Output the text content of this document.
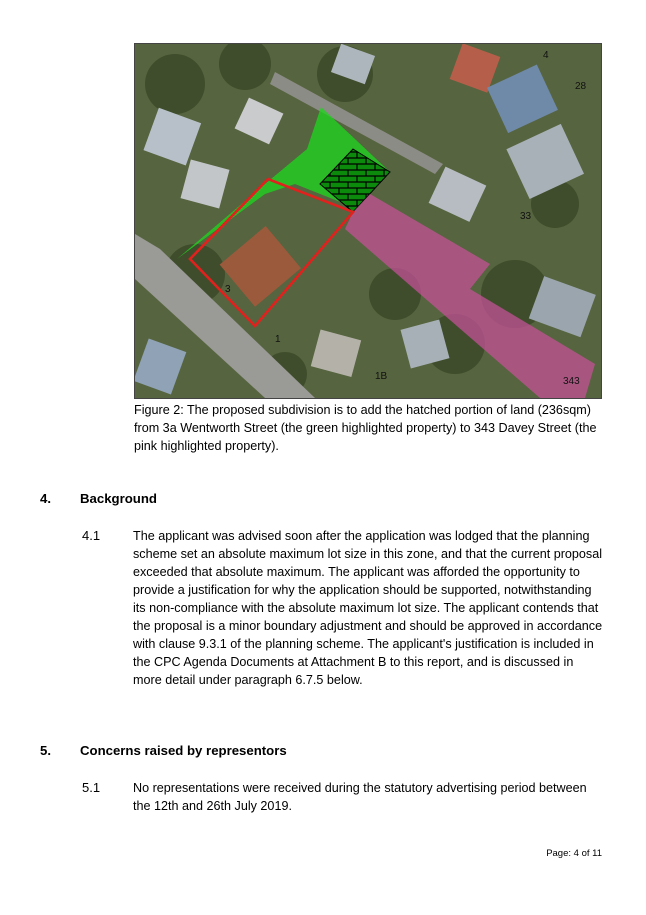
3
1
1B	343
33
4
28
Figure 2: The proposed subdivision is to add the hatched portion of land (236sqm) from 3a Wentworth Street (the green highlighted property) to 343 Davey Street (the pink highlighted property).
4. Background
4.1	The applicant was advised soon after the application was lodged that the planning scheme set an absolute maximum lot size in this zone, and that the current proposal exceeded that absolute maximum. The applicant was afforded the opportunity to provide a justification for why the application should be supported, notwithstanding its non-compliance with the absolute maximum lot size. The applicant contends that the proposal is a minor boundary adjustment and should be approved in accordance with clause 9.3.1 of the planning scheme. The applicant's justification is included in the CPC Agenda Documents at Attachment B to this report, and is discussed in more detail under paragraph 6.7.5 below.
5. Concerns raised by representors
5.1	No representations were received during the statutory advertising period between the 12th and 26th July 2019.
Page: 4 of 11
